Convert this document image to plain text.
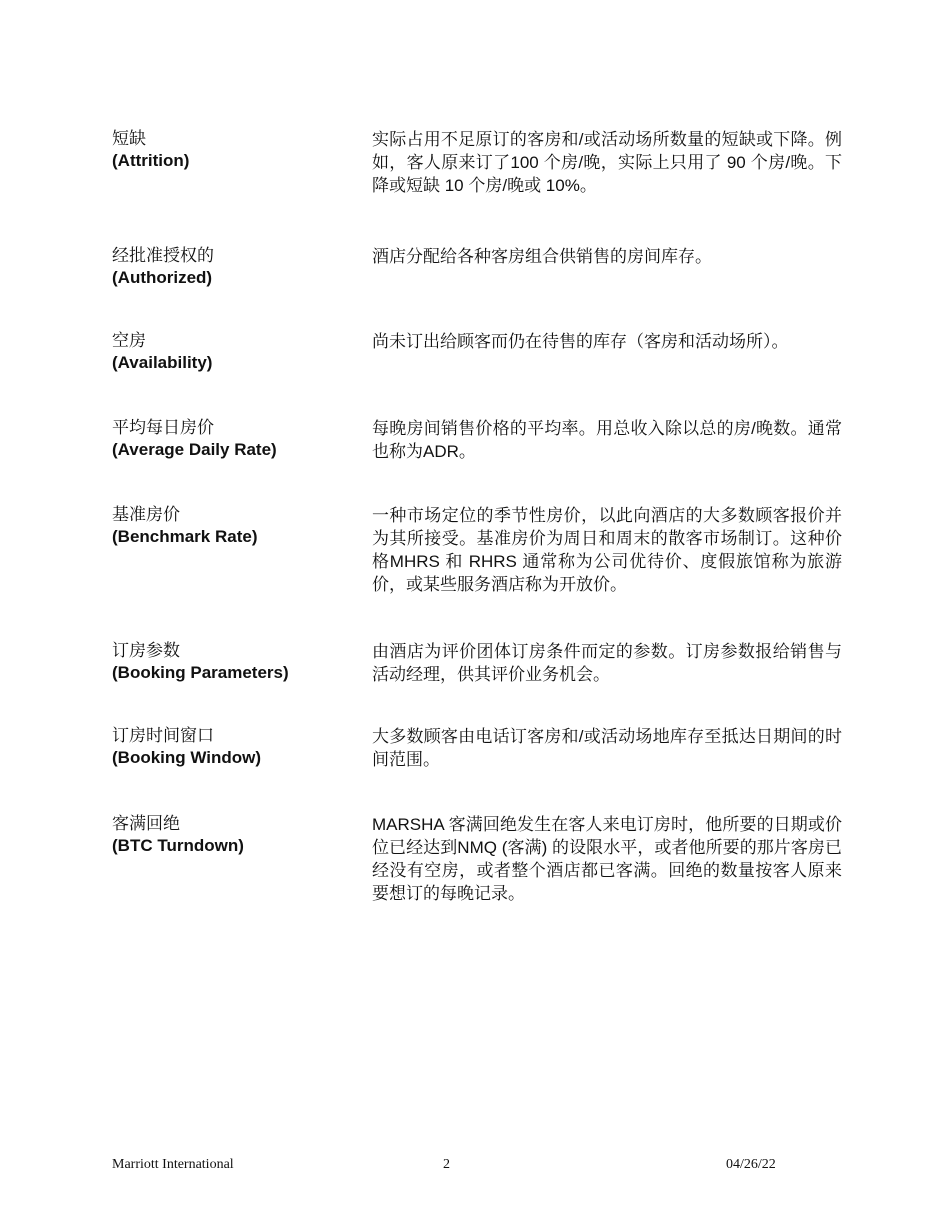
短缺
(Attrition)
实际占用不足原订的客房和/或活动场所数量的短缺或下降。例如，客人原来订了100 个房/晚，实际上只用了 90 个房/晚。下降或短缺 10 个房/晚或 10%。
经批准授权的
(Authorized)
酒店分配给各种客房组合供销售的房间库存。
空房
(Availability)
尚未订出给顾客而仍在待售的库存（客房和活动场所）。
平均每日房价
(Average Daily Rate)
每晚房间销售价格的平均率。用总收入除以总的房/晚数。通常也称为ADR。
基准房价
(Benchmark Rate)
一种市场定位的季节性房价，以此向酒店的大多数顾客报价并为其所接受。基准房价为周日和周末的散客市场制订。这种价格MHRS 和 RHRS 通常称为公司优待价、度假旅馆称为旅游价，或某些服务酒店称为开放价。
订房参数
(Booking Parameters)
由酒店为评价团体订房条件而定的参数。订房参数报给销售与活动经理，供其评价业务机会。
订房时间窗口
(Booking Window)
大多数顾客由电话订客房和/或活动场地库存至抵达日期间的时间范围。
客满回绝
(BTC Turndown)
MARSHA 客满回绝发生在客人来电订房时，他所要的日期或价位已经达到NMQ (客满) 的设限水平，或者他所要的那片客房已经没有空房，或者整个酒店都已客满。回绝的数量按客人原来要想订的每晚记录。
Marriott International	2	04/26/22
